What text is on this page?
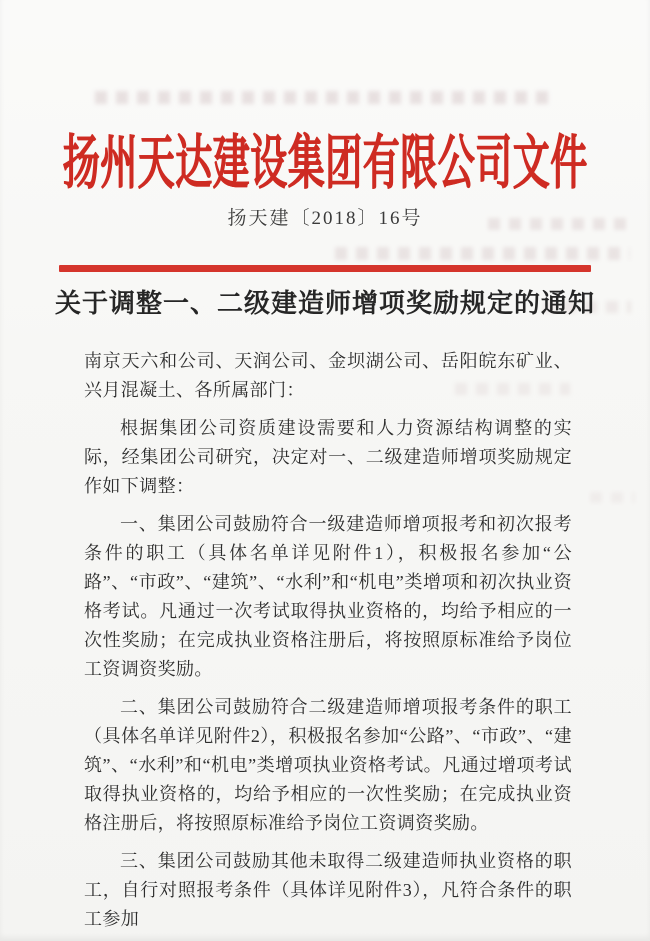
扬州天达建设集团有限公司文件
扬天建〔2018〕16号
关于调整一、二级建造师增项奖励规定的通知

南京天六和公司、天润公司、金坝湖公司、岳阳皖东矿业、兴月混凝土、各所属部门：

根据集团公司资质建设需要和人力资源结构调整的实际，经集团公司研究，决定对一、二级建造师增项奖励规定作如下调整：

一、集团公司鼓励符合一级建造师增项报考和初次报考条件的职工（具体名单详见附件1），积极报名参加“公路”、“市政”、“建筑”、“水利”和“机电”类增项和初次执业资格考试。凡通过一次考试取得执业资格的，均给予相应的一次性奖励；在完成执业资格注册后，将按照原标准给予岗位工资调资奖励。

二、集团公司鼓励符合二级建造师增项报考条件的职工（具体名单详见附件2），积极报名参加“公路”、“市政”、“建筑”、“水利”和“机电”类增项执业资格考试。凡通过增项考试取得执业资格的，均给予相应的一次性奖励；在完成执业资格注册后，将按照原标准给予岗位工资调资奖励。

三、集团公司鼓励其他未取得二级建造师执业资格的职工，自行对照报考条件（具体详见附件3），凡符合条件的职工参加
